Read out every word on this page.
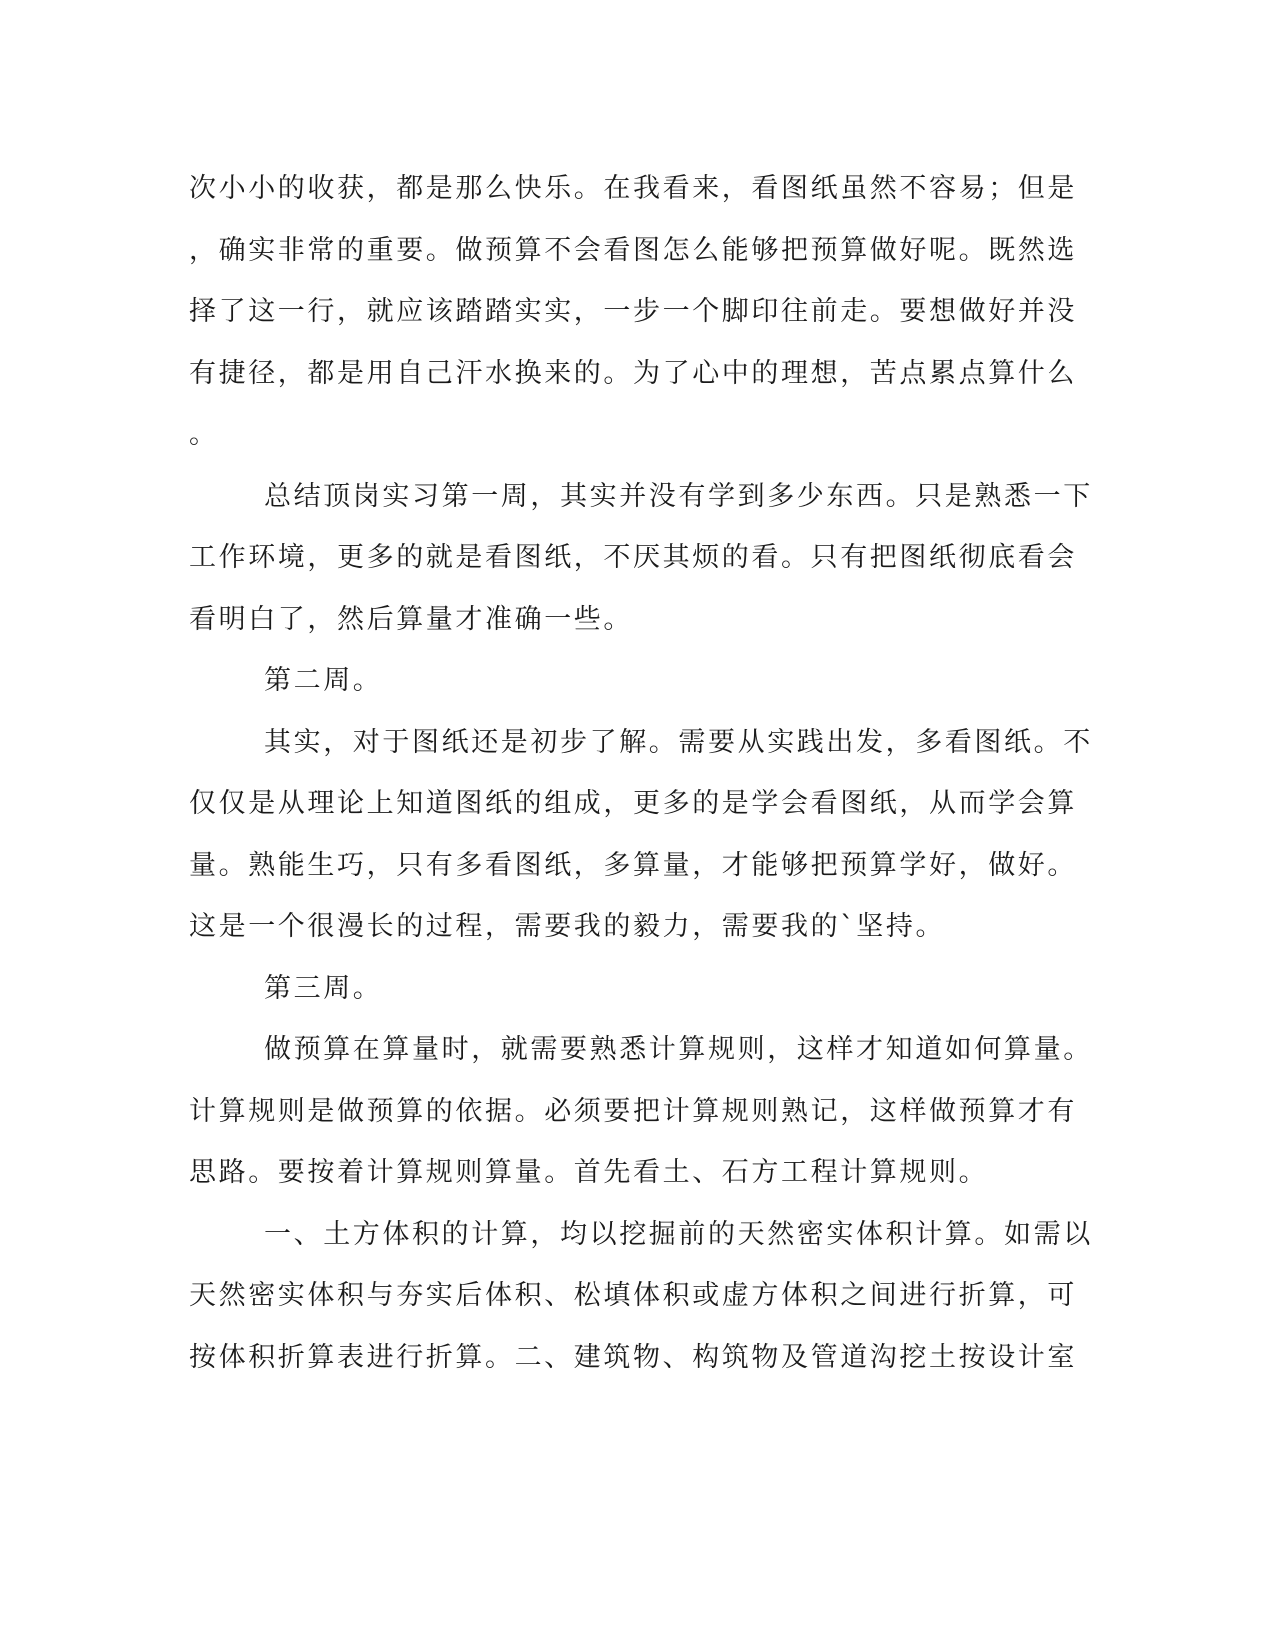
次小小的收获，都是那么快乐。在我看来，看图纸虽然不容易；但是
，确实非常的重要。做预算不会看图怎么能够把预算做好呢。既然选
择了这一行，就应该踏踏实实，一步一个脚印往前走。要想做好并没
有捷径，都是用自己汗水换来的。为了心中的理想，苦点累点算什么
。
总结顶岗实习第一周，其实并没有学到多少东西。只是熟悉一下
工作环境，更多的就是看图纸，不厌其烦的看。只有把图纸彻底看会
看明白了，然后算量才准确一些。
第二周。
其实，对于图纸还是初步了解。需要从实践出发，多看图纸。不
仅仅是从理论上知道图纸的组成，更多的是学会看图纸，从而学会算
量。熟能生巧，只有多看图纸，多算量，才能够把预算学好，做好。
这是一个很漫长的过程，需要我的毅力，需要我的`坚持。
第三周。
做预算在算量时，就需要熟悉计算规则，这样才知道如何算量。
计算规则是做预算的依据。必须要把计算规则熟记，这样做预算才有
思路。要按着计算规则算量。首先看土、石方工程计算规则。
一、土方体积的计算，均以挖掘前的天然密实体积计算。如需以
天然密实体积与夯实后体积、松填体积或虚方体积之间进行折算，可
按体积折算表进行折算。二、建筑物、构筑物及管道沟挖土按设计室
